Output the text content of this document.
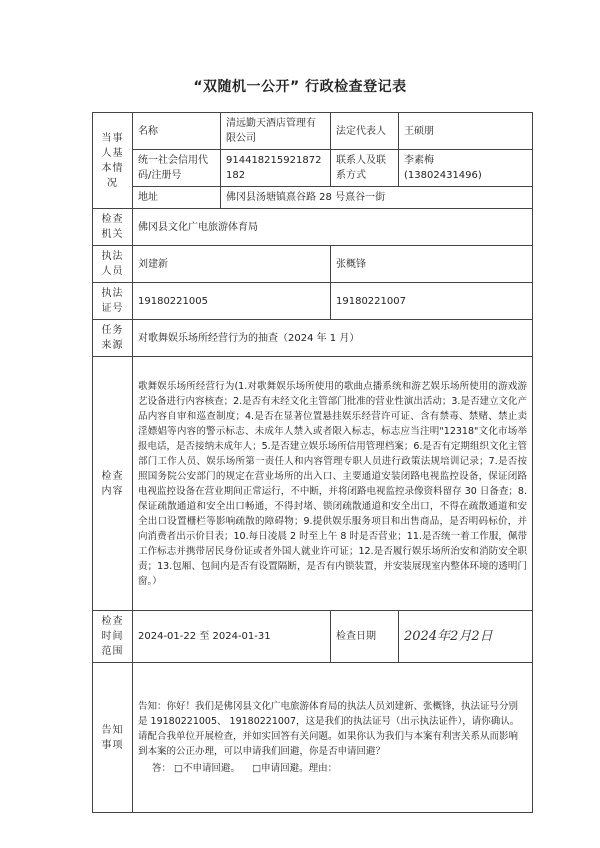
“双随机一公开” 行政检查登记表
当事人基本情况	名称	清远勤天酒店管理有限公司	法定代表人	王硕朋
	统一社会信用代码/注册号	914418215921872182	联系人及联系方式	李素梅
(13802431496)
	地址	佛冈县汤塘镇熹谷路 28 号熹谷一街		
检查机关	佛冈县文化广电旅游体育局			
执法人员	刘建新		张概锋	
执法证号	19180221005		19180221007	
任务来源	对歌舞娱乐场所经营行为的抽查（2024 年 1 月）			
检查内容	歌舞娱乐场所经营行为(1.对歌舞娱乐场所使用的歌曲点播系统和游艺娱乐场所使用的游戏游艺设备进行内容核查；2.是否有未经文化主管部门批准的营业性演出活动；3.是否建立文化产品内容自审和巡查制度；4.是否在显著位置悬挂娱乐经营许可证、含有禁毒、禁赌、禁止卖淫嫖娼等内容的警示标志、未成年人禁入或者限入标志，标志应当注明"12318"文化市场举报电话，是否接纳未成年人；5.是否建立娱乐场所信用管理档案；6.是否有定期组织文化主管部门工作人员、娱乐场所第一责任人和内容管理专职人员进行政策法规培训记录；7.是否按照国务院公安部门的规定在营业场所的出入口、主要通道安装闭路电视监控设备，保证闭路电视监控设备在营业期间正常运行，不中断，并将闭路电视监控录像资料留存 30 日备查；8.保证疏散通道和安全出口畅通，不得封堵、锁闭疏散通道和安全出口，不得在疏散通道和安全出口设置栅栏等影响疏散的障碍物；9.提供娱乐服务项目和出售商品，是否明码标价，并向消费者出示价目表；10.每日凌晨 2 时至上午 8 时是否营业；11.是否统一着工作服，佩带工作标志并携带居民身份证或者外国人就业许可证；12.是否履行娱乐场所治安和消防安全职责；13.包厢、包间内是否有设置隔断，是否有内锁装置，并安装展现室内整体环境的透明门窗。）			
检查时间范围	2024-01-22 至 2024-01-31		检查日期	2024年2月2日
告知事项	告知：你好！我们是佛冈县文化广电旅游体育局的执法人员刘建新、张概锋，执法证号分别是 19180221005、 19180221007，这是我们的执法证号（出示执法证件），请你确认。请配合我单位开展检查，并如实回答有关问题。如果你认为我们与本案有利害关系从而影响到本案的公正办理，可以申请我们回避，你是否申请回避？
答： □不申请回避。 □申请回避。理由：			
